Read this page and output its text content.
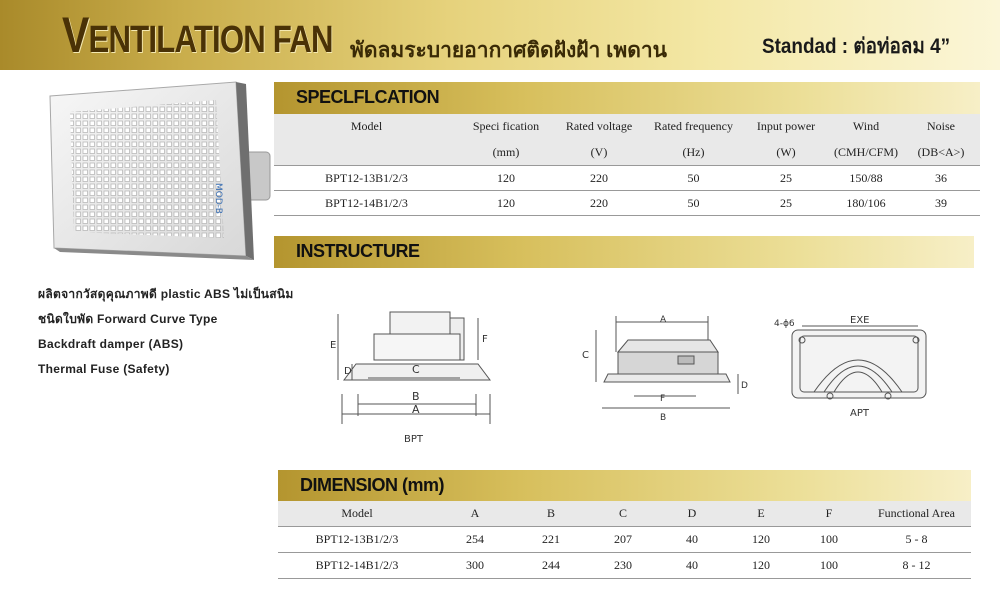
VENTILATION FAN พัดลมระบายอากาศติดฝังฝ้า เพดาน	Standad : ต่อท่อลม 4”
MOD-B
SPECLFLCATION
Model	Speci fication	Rated voltage	Rated frequency	Input power	Wind	Noise
	(mm)	(V)	(Hz)	(W)	(CMH/CFM)	(DB<A>)
BPT12-13B1/2/3	120	220	50	25	150/88	36
BPT12-14B1/2/3	120	220	50	25	180/106	39
INSTRUCTURE
ผลิตจากวัสดุคุณภาพดี plastic ABS ไม่เป็นสนิม
ชนิดใบพัด Forward Curve Type
Backdraft damper (ABS)
Thermal Fuse (Safety)
E
F
D	C
B
A
BPT
A
C
D
F
B
4-ϕ6	EXE
APT
DIMENSION (mm)
Model	A	B	C	D	E	F	Functional Area
BPT12-13B1/2/3	254	221	207	40	120	100	5 - 8
BPT12-14B1/2/3	300	244	230	40	120	100	8 - 12
